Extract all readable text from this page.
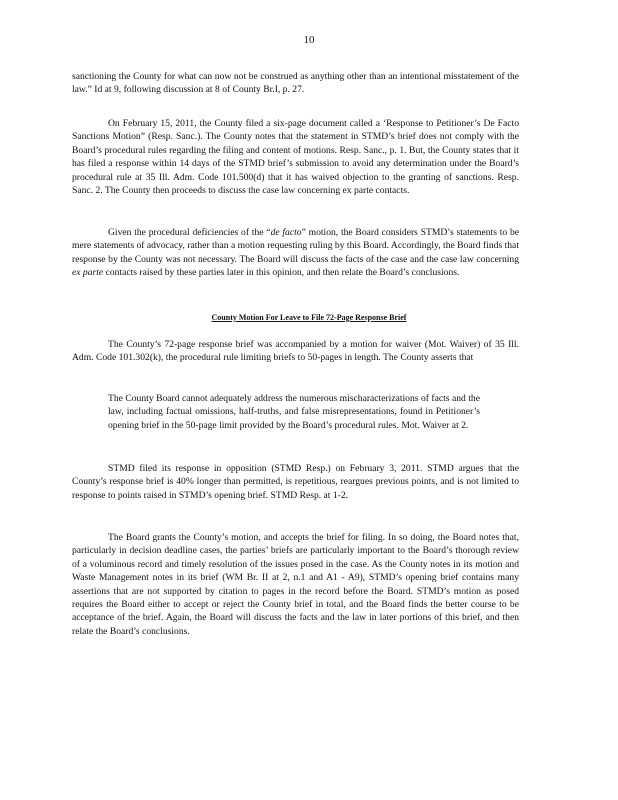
10

sanctioning the County for what can now not be construed as anything other than an intentional misstatement of the law.” Id at 9, following discussion at 8 of County Br.I, p. 27.

On February 15, 2011, the County filed a six-page document called a ‘Response to Petitioner’s De Facto Sanctions Motion” (Resp. Sanc.). The County notes that the statement in STMD’s brief does not comply with the Board’s procedural rules regarding the filing and content of motions. Resp. Sanc., p. 1. But, the County states that it has filed a response within 14 days of the STMD brief’s submission to avoid any determination under the Board’s procedural rule at 35 Ill. Adm. Code 101.500(d) that it has waived objection to the granting of sanctions. Resp. Sanc. 2. The County then proceeds to discuss the case law concerning ex parte contacts.

Given the procedural deficiencies of the “de facto” motion, the Board considers STMD’s statements to be mere statements of advocacy, rather than a motion requesting ruling by this Board. Accordingly, the Board finds that response by the County was not necessary. The Board will discuss the facts of the case and the case law concerning ex parte contacts raised by these parties later in this opinion, and then relate the Board’s conclusions.

County Motion For Leave to File 72-Page Response Brief

The County’s 72-page response brief was accompanied by a motion for waiver (Mot. Waiver) of 35 Ill. Adm. Code 101.302(k), the procedural rule limiting briefs to 50-pages in length. The County asserts that

The County Board cannot adequately address the numerous mischaracterizations of facts and the law, including factual omissions, half-truths, and false misrepresentations, found in Petitioner’s opening brief in the 50-page limit provided by the Board’s procedural rules. Mot. Waiver at 2.

STMD filed its response in opposition (STMD Resp.) on February 3, 2011. STMD argues that the County’s response brief is 40% longer than permitted, is repetitious, reargues previous points, and is not limited to response to points raised in STMD’s opening brief. STMD Resp. at 1-2.

The Board grants the County’s motion, and accepts the brief for filing. In so doing, the Board notes that, particularly in decision deadline cases, the parties’ briefs are particularly important to the Board’s thorough review of a voluminous record and timely resolution of the issues posed in the case. As the County notes in its motion and Waste Management notes in its brief (WM Br. II at 2, n.1 and A1 - A9), STMD’s opening brief contains many assertions that are not supported by citation to pages in the record before the Board. STMD’s motion as posed requires the Board either to accept or reject the County brief in total, and the Board finds the better course to be acceptance of the brief. Again, the Board will discuss the facts and the law in later portions of this brief, and then relate the Board’s conclusions.
